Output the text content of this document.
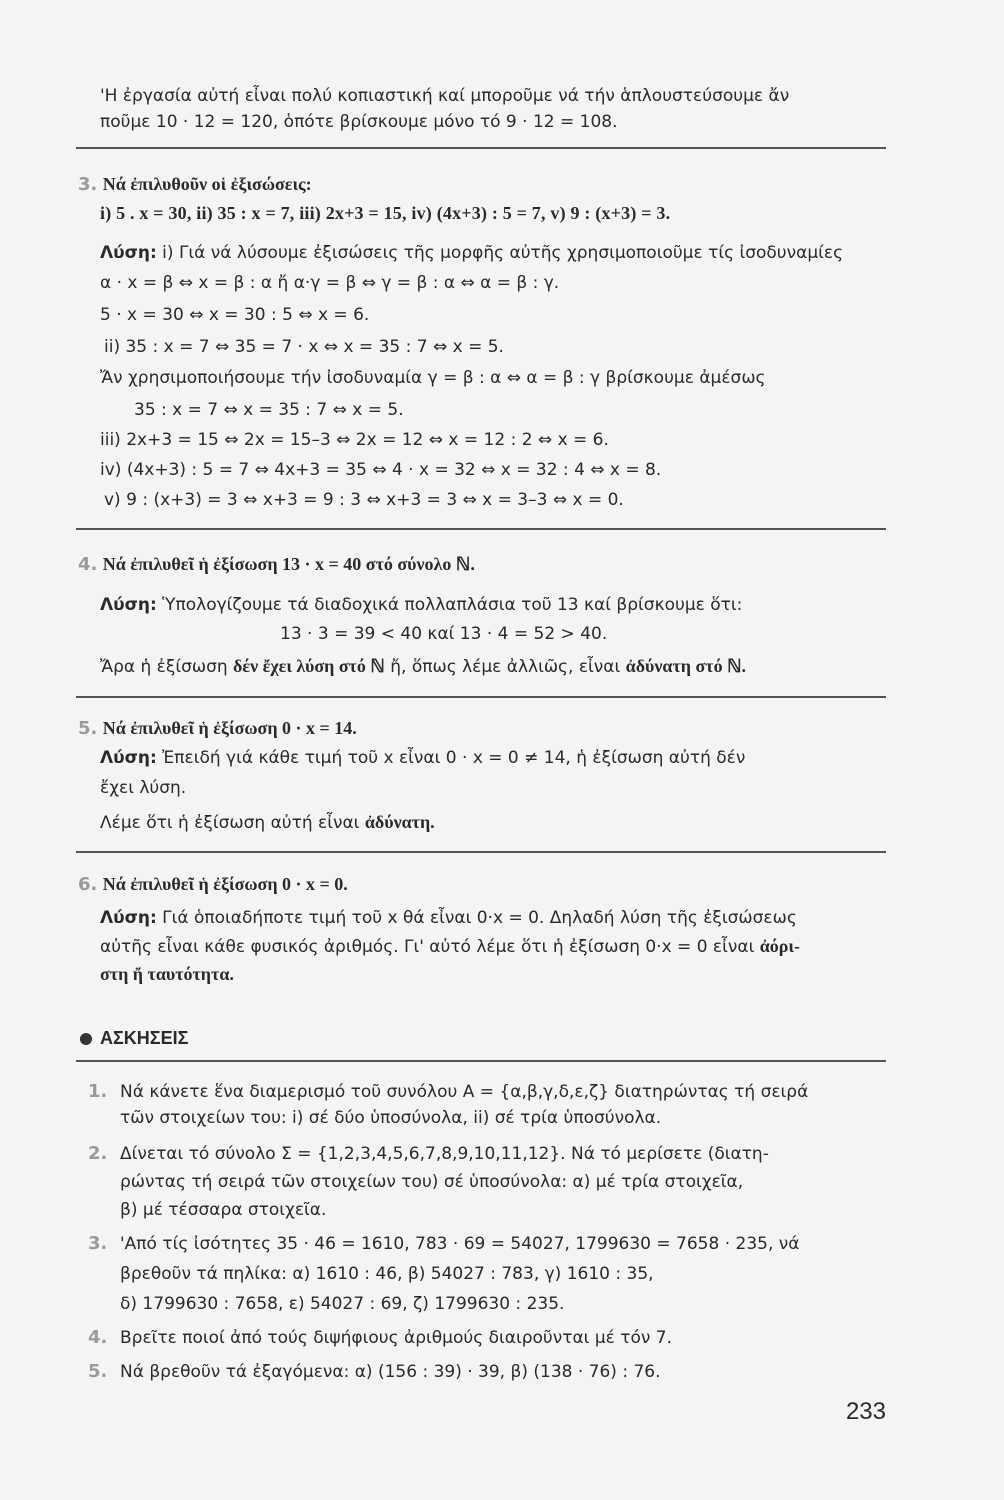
'Η ἐργασία αὐτή εἶναι πολύ κοπιαστική καί μποροῦμε νά τήν ἁπλουστεύσουμε ἄν
ποῦμε 10 · 12 = 120, ὁπότε βρίσκουμε μόνο τό 9 · 12 = 108.
3. Νά ἐπιλυθοῦν οἱ ἐξισώσεις:
i) 5 . x = 30, ii) 35 : x = 7, iii) 2x+3 = 15, iv) (4x+3) : 5 = 7, v) 9 : (x+3) = 3.
Λύση: i) Γιά νά λύσουμε ἐξισώσεις τῆς μορφῆς αὐτῆς χρησιμοποιοῦμε τίς ἰσοδυναμίες
α · x = β ⇔ x = β : α ἤ α·γ = β ⇔ γ = β : α ⇔ α = β : γ.
5 · x = 30 ⇔ x = 30 : 5 ⇔ x = 6.
ii) 35 : x = 7 ⇔ 35 = 7 · x ⇔ x = 35 : 7 ⇔ x = 5.
Ἄν χρησιμοποιήσουμε τήν ἰσοδυναμία γ = β : α ⇔ α = β : γ βρίσκουμε ἀμέσως
35 : x = 7 ⇔ x = 35 : 7 ⇔ x = 5.
iii) 2x+3 = 15 ⇔ 2x = 15–3 ⇔ 2x = 12 ⇔ x = 12 : 2 ⇔ x = 6.
iv) (4x+3) : 5 = 7 ⇔ 4x+3 = 35 ⇔ 4 · x = 32 ⇔ x = 32 : 4 ⇔ x = 8.
v) 9 : (x+3) = 3 ⇔ x+3 = 9 : 3 ⇔ x+3 = 3 ⇔ x = 3–3 ⇔ x = 0.
4. Νά ἐπιλυθεῖ ἡ ἐξίσωση 13 · x = 40 στό σύνολο ℕ.
Λύση: Ὑπολογίζουμε τά διαδοχικά πολλαπλάσια τοῦ 13 καί βρίσκουμε ὅτι:
13 · 3 = 39 < 40 καί 13 · 4 = 52 > 40.
Ἄρα ἡ ἐξίσωση δέν ἔχει λύση στό ℕ ἤ, ὅπως λέμε ἀλλιῶς, εἶναι ἀδύνατη στό ℕ.
5. Νά ἐπιλυθεῖ ἡ ἐξίσωση 0 · x = 14.
Λύση: Ἐπειδή γιά κάθε τιμή τοῦ x εἶναι 0 · x = 0 ≠ 14, ἡ ἐξίσωση αὐτή δέν
ἔχει λύση.
Λέμε ὅτι ἡ ἐξίσωση αὐτή εἶναι ἀδύνατη.
6. Νά ἐπιλυθεῖ ἡ ἐξίσωση 0 · x = 0.
Λύση: Γιά ὁποιαδήποτε τιμή τοῦ x θά εἶναι 0·x = 0. Δηλαδή λύση τῆς ἐξισώσεως
αὐτῆς εἶναι κάθε φυσικός ἀριθμός. Γι' αὐτό λέμε ὅτι ἡ ἐξίσωση 0·x = 0 εἶναι ἀόρι-
στη ἤ ταυτότητα.
ΑΣΚΗΣΕΙΣ
1. Νά κάνετε ἕνα διαμερισμό τοῦ συνόλου Α = {α,β,γ,δ,ε,ζ} διατηρώντας τή σειρά
τῶν στοιχείων του: i) σέ δύο ὑποσύνολα, ii) σέ τρία ὑποσύνολα.
2. Δίνεται τό σύνολο Σ = {1,2,3,4,5,6,7,8,9,10,11,12}. Νά τό μερίσετε (διατη-
ρώντας τή σειρά τῶν στοιχείων του) σέ ὑποσύνολα: α) μέ τρία στοιχεῖα,
β) μέ τέσσαρα στοιχεῖα.
3. 'Από τίς ἰσότητες 35 · 46 = 1610, 783 · 69 = 54027, 1799630 = 7658 · 235, νά
βρεθοῦν τά πηλίκα: α) 1610 : 46, β) 54027 : 783, γ) 1610 : 35,
δ) 1799630 : 7658, ε) 54027 : 69, ζ) 1799630 : 235.
4. Βρεῖτε ποιοί ἀπό τούς διψήφιους ἀριθμούς διαιροῦνται μέ τόν 7.
5. Νά βρεθοῦν τά ἐξαγόμενα: α) (156 : 39) · 39, β) (138 · 76) : 76.
233
